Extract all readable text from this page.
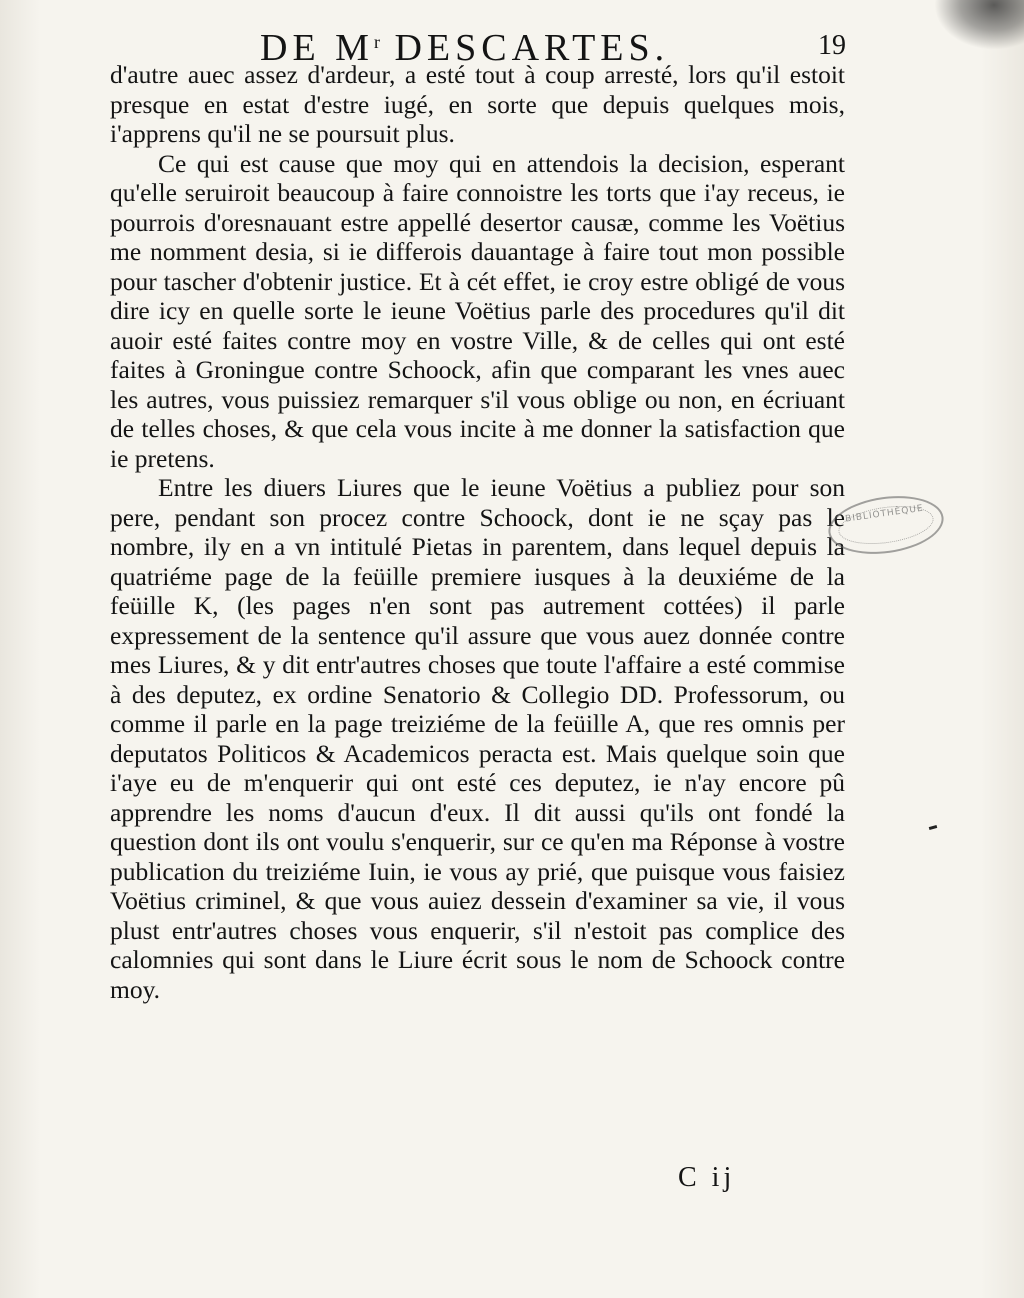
DE $M^r$ DESCARTES.	19

d'autre auec assez d'ardeur, a esté tout à coup arresté, lors qu'il estoit presque en estat d'estre iugé, en sorte que depuis quelques mois, i'apprens qu'il ne se poursuit plus.

Ce qui est cause que moy qui en attendois la decision, esperant qu'elle seruiroit beaucoup à faire connoistre les torts que i'ay receus, ie pourrois d'oresnauant estre appellé desertor causæ, comme les Voëtius me nomment desia, si ie differois dauantage à faire tout mon possible pour tascher d'obtenir justice. Et à cét effet, ie croy estre obligé de vous dire icy en quelle sorte le ieune Voëtius parle des procedures qu'il dit auoir esté faites contre moy en vostre Ville, & de celles qui ont esté faites à Groningue contre Schoock, afin que comparant les vnes auec les autres, vous puissiez remarquer s'il vous oblige ou non, en écriuant de telles choses, & que cela vous incite à me donner la satisfaction que ie pretens.

Entre les diuers Liures que le ieune Voëtius a publiez pour son pere, pendant son procez contre Schoock, dont ie ne sçay pas le nombre, ily en a vn intitulé Pietas in parentem, dans lequel depuis la quatriéme page de la feüille premiere iusques à la deuxiéme de la feüille K, (les pages n'en sont pas autrement cottées) il parle expressement de la sentence qu'il assure que vous auez donnée contre mes Liures, & y dit entr'autres choses que toute l'affaire a esté commise à des deputez, ex ordine Senatorio & Collegio DD. Professorum, ou comme il parle en la page treiziéme de la feüille A, que res omnis per deputatos Politicos & Academicos peracta est. Mais quelque soin que i'aye eu de m'enquerir qui ont esté ces deputez, ie n'ay encore pû apprendre les noms d'aucun d'eux. Il dit aussi qu'ils ont fondé la question dont ils ont voulu s'enquerir, sur ce qu'en ma Réponse à vostre publication du treiziéme Iuin, ie vous ay prié, que puisque vous faisiez Voëtius criminel, & que vous auiez dessein d'examiner sa vie, il vous plust entr'autres choses vous enquerir, s'il n'estoit pas complice des calomnies qui sont dans le Liure écrit sous le nom de Schoock contre moy.

BIBLIOTHÈQUE
C ij
